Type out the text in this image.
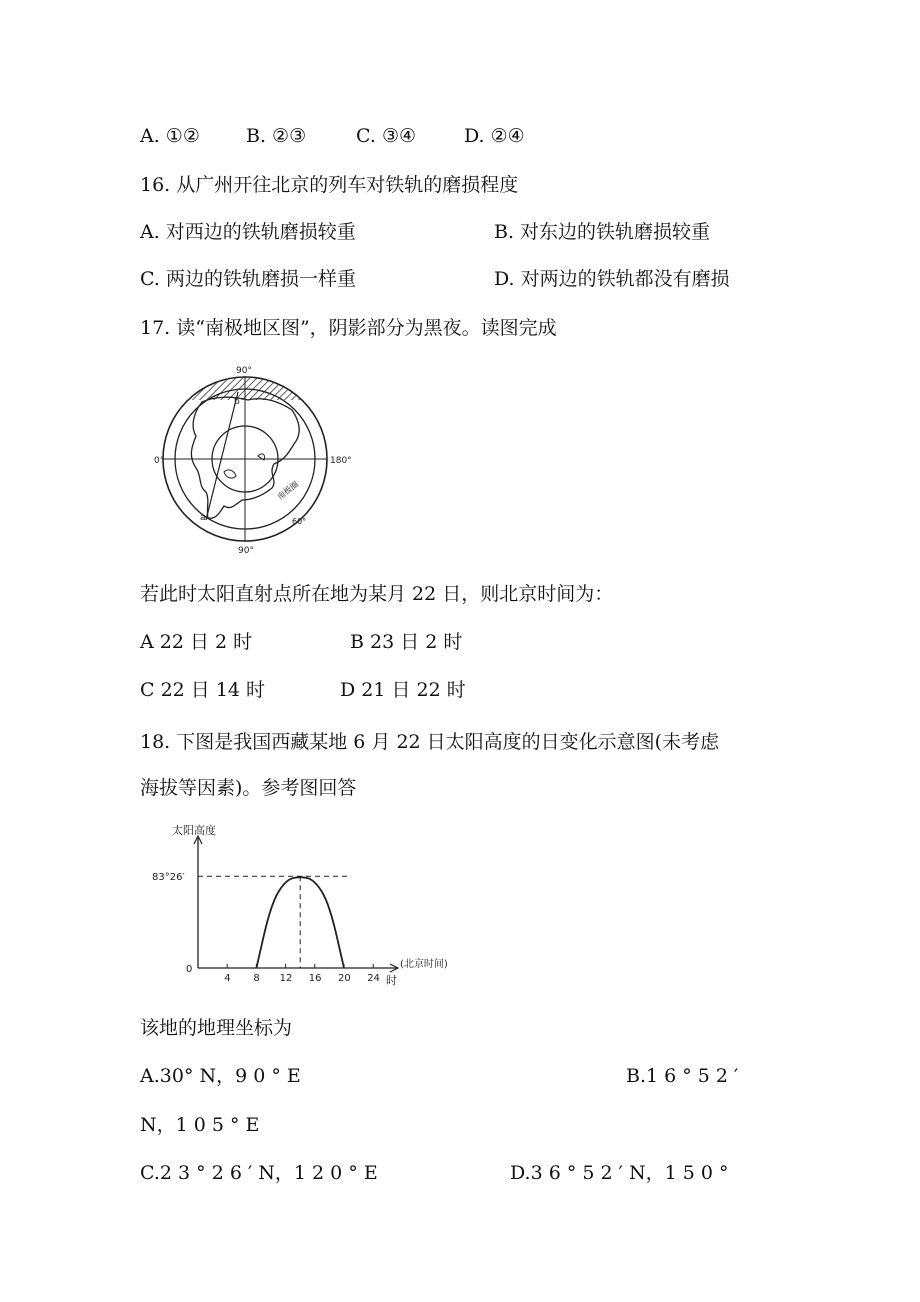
A. ①② B. ②③	C. ③④	D. ②④
16. 从广州开往北京的列车对铁轨的磨损程度
A. 对西边的铁轨磨损较重	B. 对东边的铁轨磨损较重
C. 两边的铁轨磨损一样重	D. 对两边的铁轨都没有磨损
17. 读“南极地区图”，阴影部分为黑夜。读图完成
90°
90°
0°	180°
60°
南极圈
a
b
若此时太阳直射点所在地为某月 22 日，则北京时间为：
A 22 日 2 时	B 23 日 2 时
C 22 日 14 时	D 21 日 22 时
18. 下图是我国西藏某地 6 月 22 日太阳高度的日变化示意图(未考虑
海拔等因素)。参考图回答
4 8 12 16 20 24
太阳高度
83°26′
0	(北京时间)
时
该地的地理坐标为
A.30° N，9 0 ° E	B.1 6 ° 5 2 ′
N，1 0 5 ° E
C.2 3 ° 2 6 ′ N，1 2 0 ° E	D.3 6 ° 5 2 ′ N，1 5 0 °
